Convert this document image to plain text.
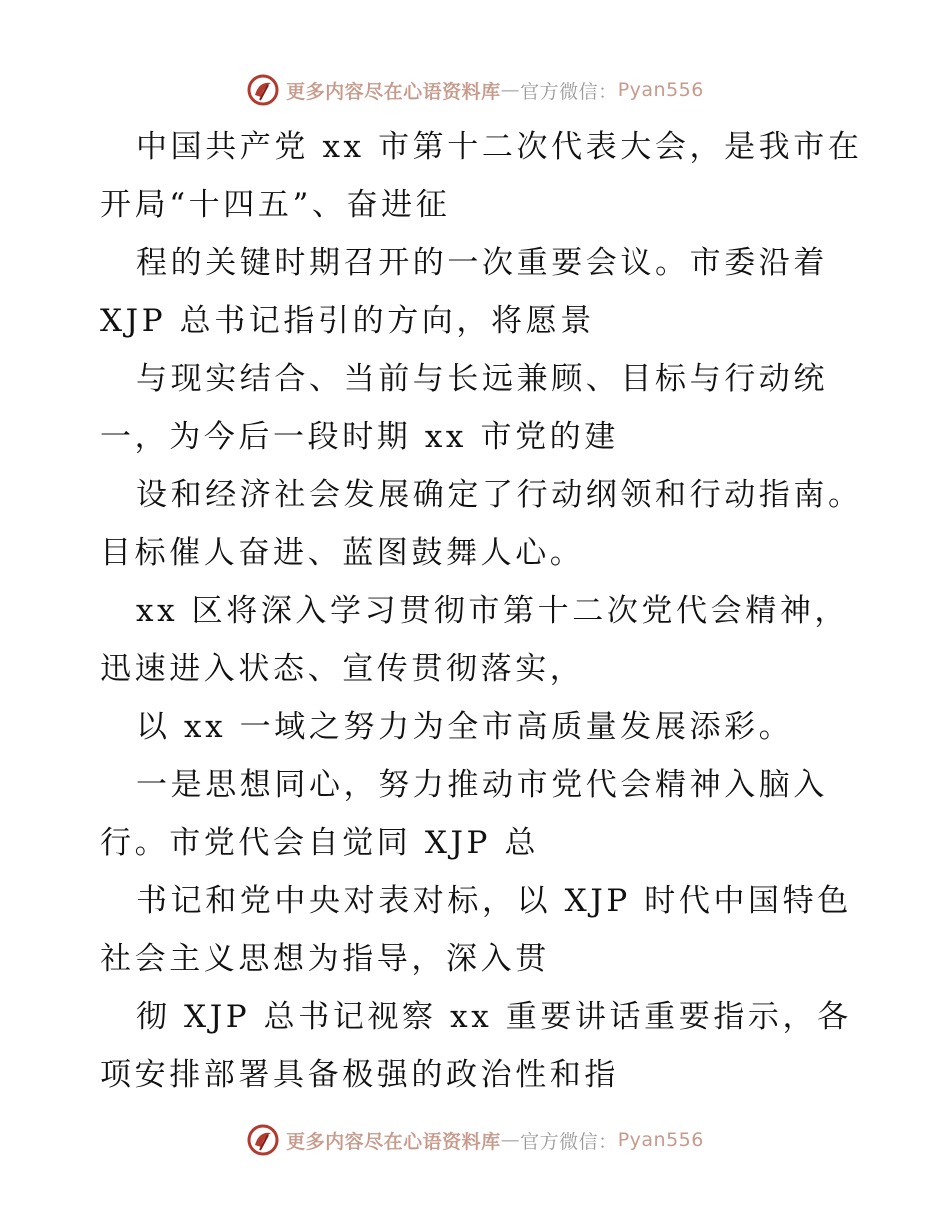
更多内容尽在心语资料库 — 官方微信： Pyan556
中国共产党 xx 市第十二次代表大会，是我市在
开局“十四五”、奋进征
程的关键时期召开的一次重要会议。市委沿着
XJP 总书记指引的方向，将愿景
与现实结合、当前与长远兼顾、目标与行动统
一，为今后一段时期 xx 市党的建
设和经济社会发展确定了行动纲领和行动指南。
目标催人奋进、蓝图鼓舞人心。
xx 区将深入学习贯彻市第十二次党代会精神，
迅速进入状态、宣传贯彻落实，
以 xx 一域之努力为全市高质量发展添彩。
一是思想同心，努力推动市党代会精神入脑入
行。市党代会自觉同 XJP 总
书记和党中央对表对标，以 XJP 时代中国特色
社会主义思想为指导，深入贯
彻 XJP 总书记视察 xx 重要讲话重要指示，各
项安排部署具备极强的政治性和指
更多内容尽在心语资料库 — 官方微信： Pyan556
